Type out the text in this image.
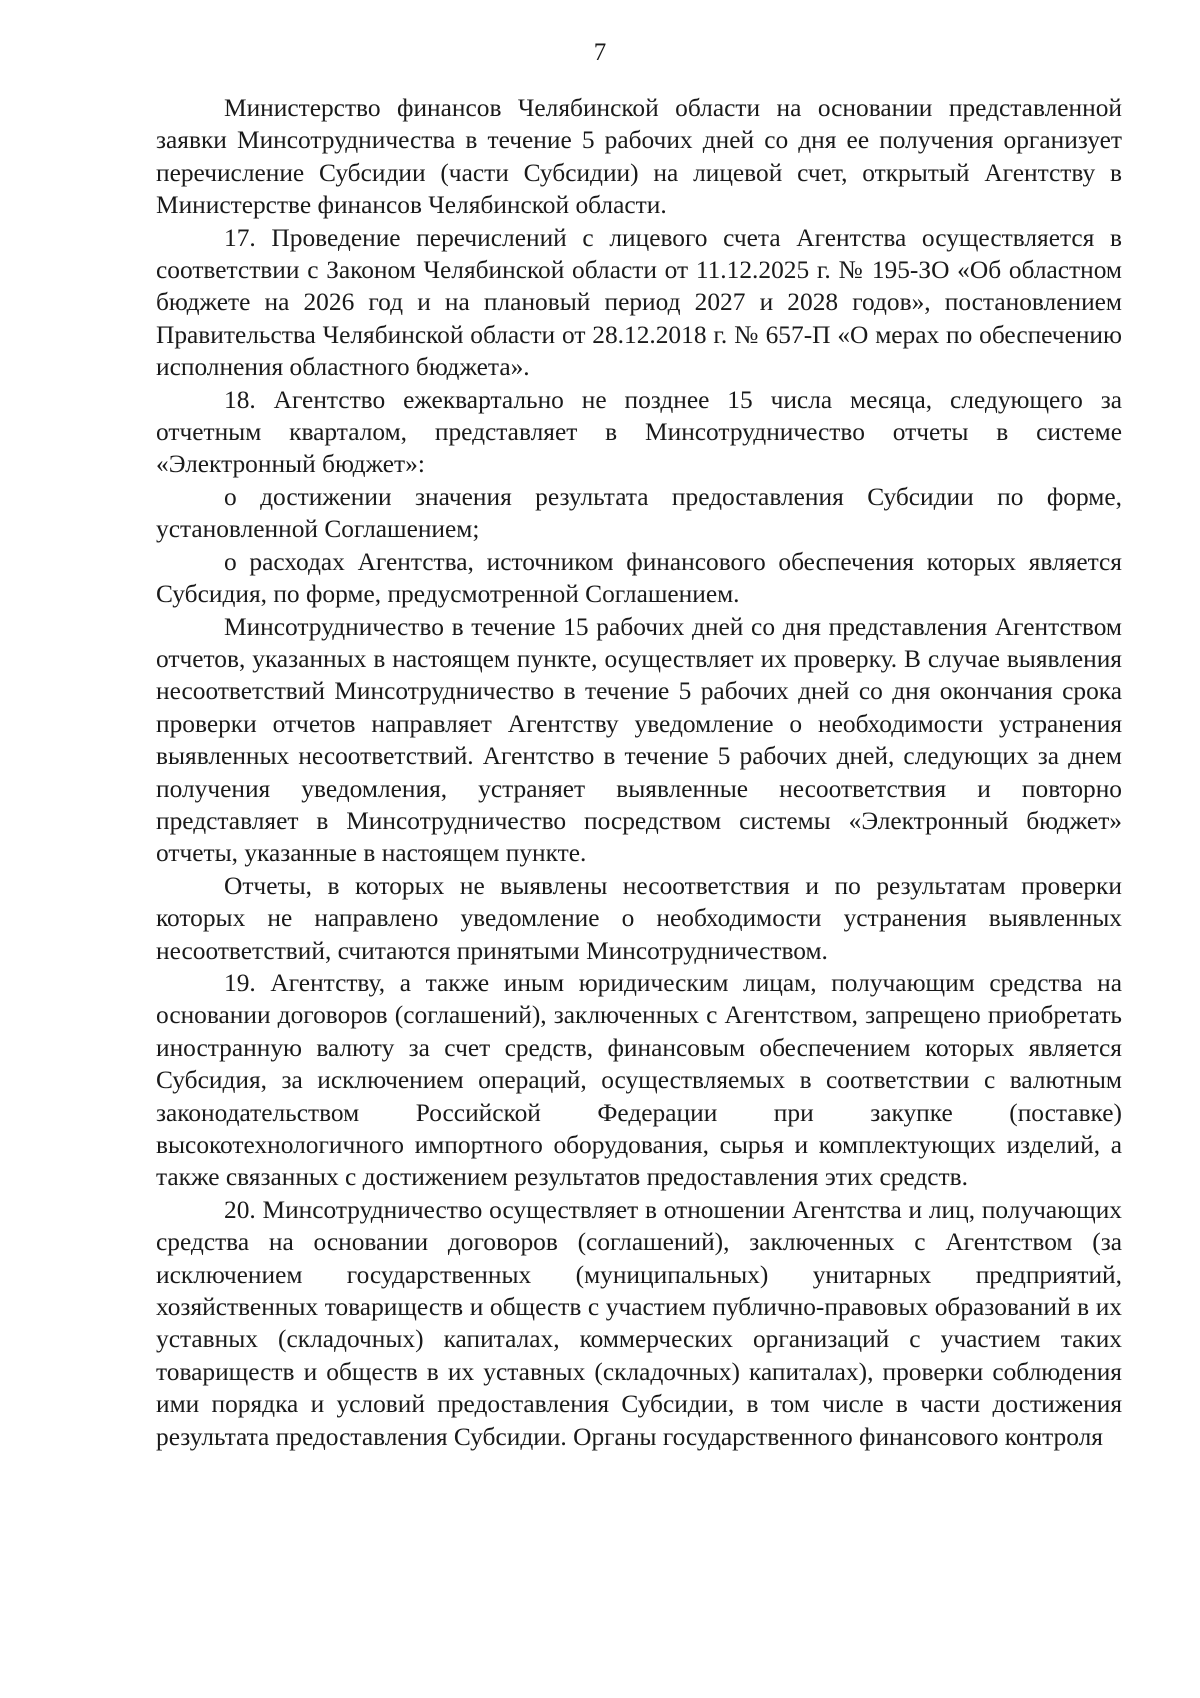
7

Министерство финансов Челябинской области на основании представленной заявки Минсотрудничества в течение 5 рабочих дней со дня ее получения организует перечисление Субсидии (части Субсидии) на лицевой счет, открытый Агентству в Министерстве финансов Челябинской области.

17. Проведение перечислений с лицевого счета Агентства осуществляется в соответствии с Законом Челябинской области от 11.12.2025 г. № 195-ЗО «Об областном бюджете на 2026 год и на плановый период 2027 и 2028 годов», постановлением Правительства Челябинской области от 28.12.2018 г. № 657-П «О мерах по обеспечению исполнения областного бюджета».

18. Агентство ежеквартально не позднее 15 числа месяца, следующего за отчетным кварталом, представляет в Минсотрудничество отчеты в системе «Электронный бюджет»:

о достижении значения результата предоставления Субсидии по форме, установленной Соглашением;

о расходах Агентства, источником финансового обеспечения которых является Субсидия, по форме, предусмотренной Соглашением.

Минсотрудничество в течение 15 рабочих дней со дня представления Агентством отчетов, указанных в настоящем пункте, осуществляет их проверку. В случае выявления несоответствий Минсотрудничество в течение 5 рабочих дней со дня окончания срока проверки отчетов направляет Агентству уведомление о необходимости устранения выявленных несоответствий. Агентство в течение 5 рабочих дней, следующих за днем получения уведомления, устраняет выявленные несоответствия и повторно представляет в Минсотрудничество посредством системы «Электронный бюджет» отчеты, указанные в настоящем пункте.

Отчеты, в которых не выявлены несоответствия и по результатам проверки которых не направлено уведомление о необходимости устранения выявленных несоответствий, считаются принятыми Минсотрудничеством.

19. Агентству, а также иным юридическим лицам, получающим средства на основании договоров (соглашений), заключенных с Агентством, запрещено приобретать иностранную валюту за счет средств, финансовым обеспечением которых является Субсидия, за исключением операций, осуществляемых в соответствии с валютным законодательством Российской Федерации при закупке (поставке) высокотехнологичного импортного оборудования, сырья и комплектующих изделий, а также связанных с достижением результатов предоставления этих средств.

20. Минсотрудничество осуществляет в отношении Агентства и лиц, получающих средства на основании договоров (соглашений), заключенных с Агентством (за исключением государственных (муниципальных) унитарных предприятий, хозяйственных товариществ и обществ с участием публично-правовых образований в их уставных (складочных) капиталах, коммерческих организаций с участием таких товариществ и обществ в их уставных (складочных) капиталах), проверки соблюдения ими порядка и условий предоставления Субсидии, в том числе в части достижения результата предоставления Субсидии. Органы государственного финансового контроля
